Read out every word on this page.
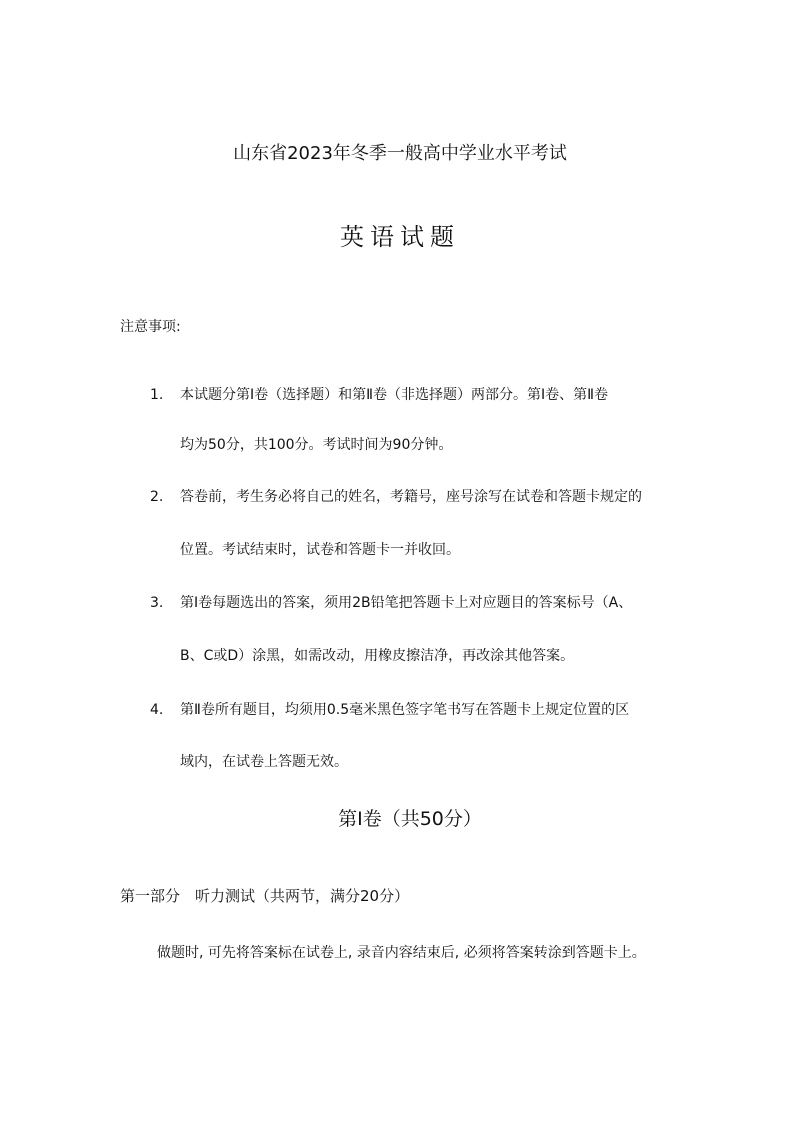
山东省2023年冬季一般高中学业水平考试
英语试题
注意事项:
1. 本试题分第Ⅰ卷（选择题）和第Ⅱ卷（非选择题）两部分。第Ⅰ卷、第Ⅱ卷
均为50分，共100分。考试时间为90分钟。
2. 答卷前，考生务必将自己的姓名，考籍号，座号涂写在试卷和答题卡规定的
位置。考试结束时，试卷和答题卡一并收回。
3. 第Ⅰ卷每题选出的答案，须用2B铅笔把答题卡上对应题目的答案标号（A、
B、C或D）涂黑，如需改动，用橡皮擦洁净，再改涂其他答案。
4. 第Ⅱ卷所有题目，均须用0.5毫米黑色签字笔书写在答题卡上规定位置的区
域内，在试卷上答题无效。
第Ⅰ卷（共50分）
第一部分　听力测试（共两节，满分20分）
做题时, 可先将答案标在试卷上, 录音内容结束后, 必须将答案转涂到答题卡上。
